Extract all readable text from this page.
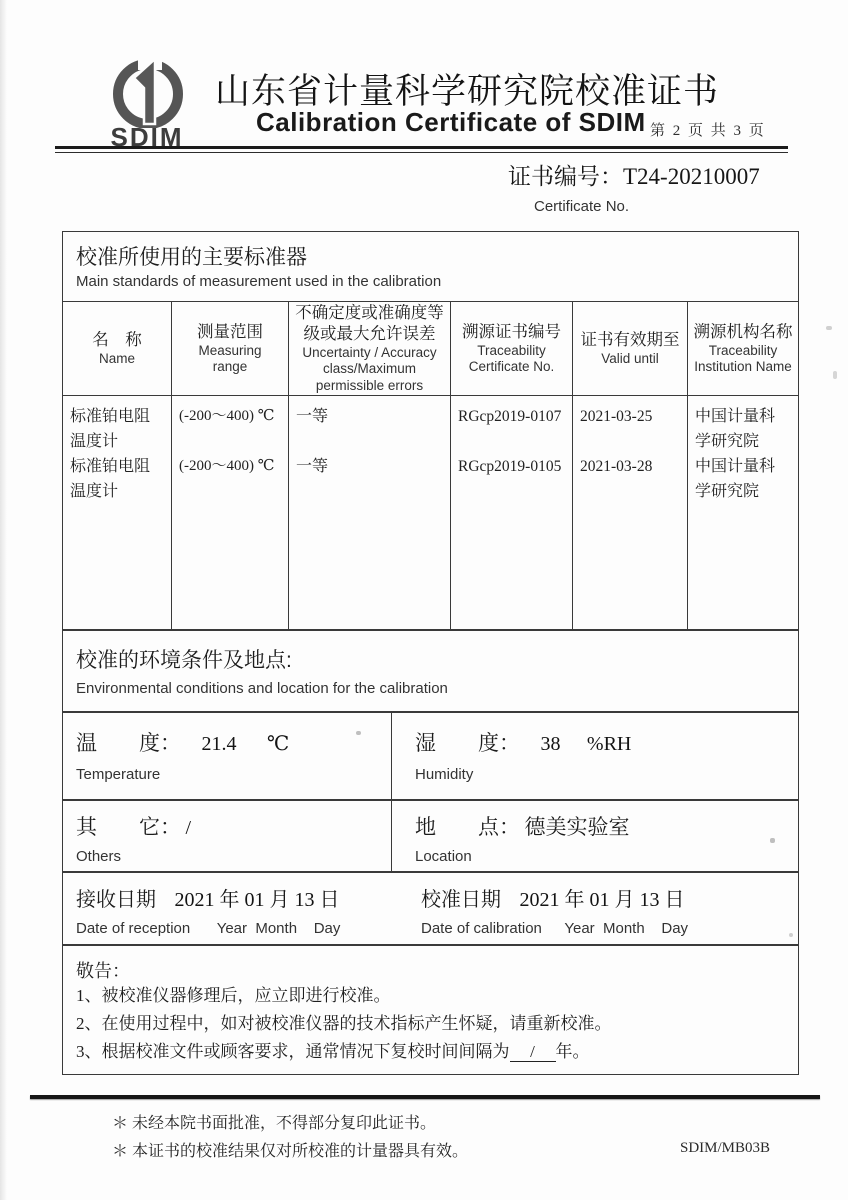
SDIM
山东省计量科学研究院校准证书
Calibration Certificate of SDIM 第 2 页 共 3 页
证书编号：T24-20210007
Certificate No.
校准所使用的主要标准器
Main standards of measurement used in the calibration
名　称
Name
标准铂电阻温度计
标准铂电阻温度计
测量范围
Measuring range
(-200～400) ℃
(-200～400) ℃
不确定度或准确度等级或最大允许误差
Uncertainty / Accuracy class/Maximum permissible errors
一等
一等
溯源证书编号
Traceability Certificate No.
RGcp2019-0107
RGcp2019-0105
证书有效期至
Valid until
2021-03-25
2021-03-28
溯源机构名称
Traceability Institution Name
中国计量科学研究院
中国计量科学研究院
校准的环境条件及地点:
Environmental conditions and location for the calibration
温　　度： 21.4 ℃
Temperature
湿　　度： 38 %RH
Humidity
其　　它： /
Others
地　　点： 德美实验室
Location
接收日期 2021 年 01 月 13 日
Date of reception Year  Month    Day
校准日期 2021 年 01 月 13 日
Date of calibration Year  Month    Day
敬告：
1、被校准仪器修理后，应立即进行校准。
2、在使用过程中，如对被校准仪器的技术指标产生怀疑，请重新校准。
3、根据校准文件或顾客要求，通常情况下复校时间间隔为 / 年。
＊ 未经本院书面批准，不得部分复印此证书。
＊ 本证书的校准结果仅对所校准的计量器具有效。	SDIM/MB03B
